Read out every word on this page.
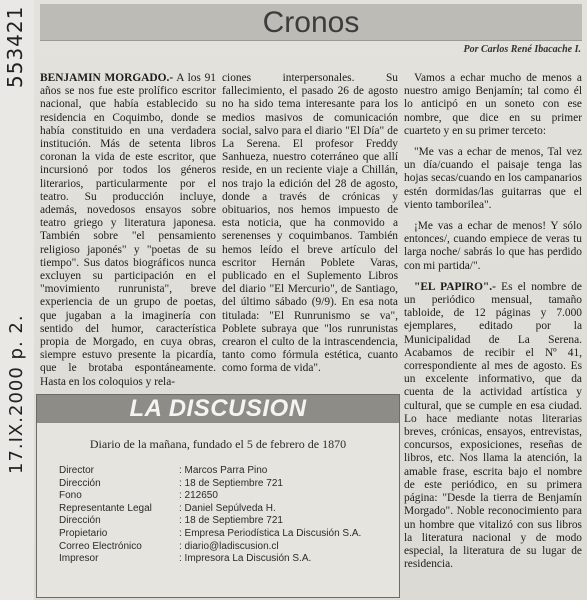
553421
17.IX.2000 p. 2.
Cronos
Por Carlos René Ibacache I.

BENJAMIN MORGADO.- A los 91 años se nos fue este prolífico escritor nacional, que había establecido su residencia en Coquimbo, donde se había constituido en una verdadera institución. Más de setenta libros coronan la vida de este escritor, que incursionó por todos los géneros literarios, particularmente por el teatro. Su producción incluye, además, novedosos ensayos sobre teatro griego y literatura japonesa. También sobre "el pensamiento religioso japonés" y "poetas de su tiempo". Sus datos biográficos nunca excluyen su participación en el "movimiento runrunista", breve experiencia de un grupo de poetas, que jugaban a la imaginería con sentido del humor, característica propia de Morgado, en cuya obras, siempre estuvo presente la picardía, que le brotaba espontáneamente. Hasta en los coloquios y rela-

ciones interpersonales. Su fallecimiento, el pasado 26 de agosto no ha sido tema interesante para los medios masivos de comunicación social, salvo para el diario "El Día" de La Serena. El profesor Freddy Sanhueza, nuestro coterráneo que allí reside, en un reciente viaje a Chillán, nos trajo la edición del 28 de agosto, donde a través de crónicas y obituarios, nos hemos impuesto de esta noticia, que ha conmovido a serenenses y coquimbanos. También hemos leído el breve artículo del escritor Hernán Poblete Varas, publicado en el Suplemento Libros del diario "El Mercurio", de Santiago, del último sábado (9/9). En esa nota titulada: "El Runrunismo se va", Poblete subraya que "los runrunistas crearon el culto de la intrascendencia, tanto como fórmula estética, cuanto como forma de vida".

Vamos a echar mucho de menos a nuestro amigo Benjamín; tal como él lo anticipó en un soneto con ese nombre, que dice en su primer cuarteto y en su primer terceto:

"Me vas a echar de menos, Tal vez un día/cuando el paisaje tenga las hojas secas/cuando en los campanarios estén dormidas/las guitarras que el viento tamborilea".

¡Me vas a echar de menos! Y sólo entonces/, cuando empiece de veras tu larga noche/ sabrás lo que has perdido con mi partida/".

"EL PAPIRO".- Es el nombre de un periódico mensual, tamaño tabloide, de 12 páginas y 7.000 ejemplares, editado por la Municipalidad de La Serena. Acabamos de recibir el Nº 41, correspondiente al mes de agosto. Es un excelente informativo, que da cuenta de la actividad artística y cultural, que se cumple en esa ciudad. Lo hace mediante notas literarias breves, crónicas, ensayos, entrevistas, concursos, exposiciones, reseñas de libros, etc. Nos llama la atención, la amable frase, escrita bajo el nombre de este periódico, en su primera página: "Desde la tierra de Benjamín Morgado". Noble reconocimiento para un hombre que vitalizó con sus libros la literatura nacional y de modo especial, la literatura de su lugar de residencia.

LA DISCUSION
Diario de la mañana, fundado el 5 de febrero de 1870
Director	: Marcos Parra Pino
Dirección	: 18 de Septiembre 721
Fono	: 212650
Representante Legal	: Daniel Sepúlveda H.
Dirección	: 18 de Septiembre 721
Propietario	: Empresa Periodística La Discusión S.A.
Correo Electrónico	: diario@ladiscusion.cl
Impresor	: Impresora La Discusión S.A.
